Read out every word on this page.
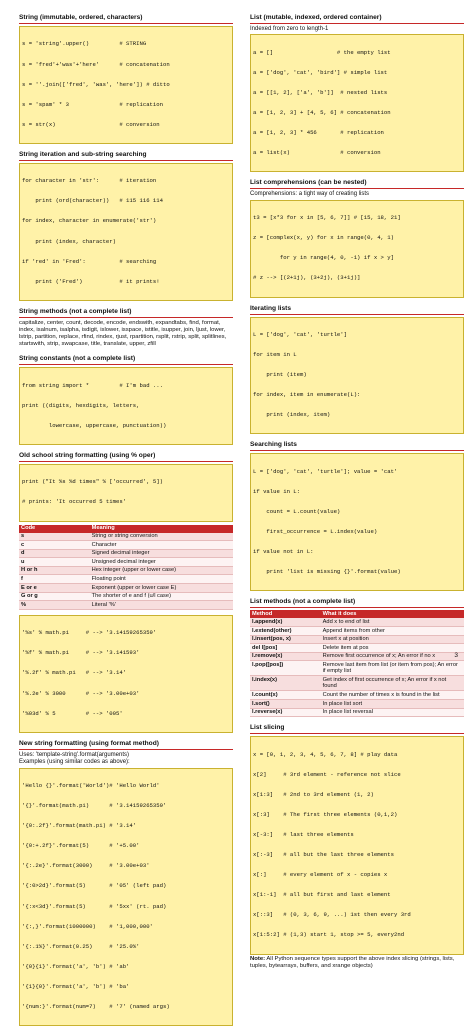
String (immutable, ordered, characters)

s = 'string'.upper()         # STRING

s = 'fred'+'was'+'here'      # concatenation

s = ''.join(['fred', 'was', 'here']) # ditto

s = 'spam' * 3               # replication

s = str(x)                   # conversion

String iteration and sub-string searching

for character in 'str':      # iteration

print (ord(character))   # 115 116 114

for index, character in enumerate('str')

print (index, character)

if 'red' in 'Fred':          # searching

print ('Fred')           # it prints!

String methods (not a complete list)
capitalize, center, count, decode, encode, endswith, expandtabs, find, format, index, isalnum, isalpha, isdigit, islower, isspace, istitle, isupper, join, ljust, lower, lstrip, partition, replace, rfind, rindex, rjust, rpartition, rsplit, rstrip, split, splitlines, startswith, strip, swapcase, title, translate, upper, zfill
String constants (not a complete list)

from string import *         # I'm bad ...

print ((digits, hexdigits, letters,

lowercase, uppercase, punctuation))

Old school string formatting (using % oper)

print ("It %s %d times" % ['occurred', 5])

# prints: 'It occurred 5 times'

Code	Meaning
s	String or string conversion
c	Character
d	Signed decimal integer
u	Unsigned decimal integer
H or h	Hex integer (upper or lower case)
f	Floating point
E or e	Exponent (upper or lower case E)
G or g	The shorter of e and f (u/l case)
%	Literal '%'

'%s' % math.pi     # --> '3.14159265359'

'%f' % math.pi     # --> '3.141593'

'%.2f' % math.pi   # --> '3.14'

'%.2e' % 3000      # --> '3.00e+03'

'%03d' % 5         # --> '005'

New string formatting (using format method)
Uses: 'template-string'.format(arguments)
Examples (using similar codes as above):

'Hello {}'.format('World')# 'Hello World'

'{}'.format(math.pi)      # '3.14159265359'

'{0:.2f}'.format(math.pi) # '3.14'

'{0:+.2f}'.format(5)      # '+5.00'

'{:.2e}'.format(3000)     # '3.00e+03'

'{:0>2d}'.format(5)       # '05' (left pad)

'{:x<3d}'.format(5)       # '5xx' (rt. pad)

'{:,}'.format(1000000)    # '1,000,000'

'{:.1%}'.format(0.25)     # '25.0%'

'{0}{1}'.format('a', 'b') # 'ab'

'{1}{0}'.format('a', 'b') # 'ba'

'{num:}'.format(num=7)    # '7' (named args)

List (mutable, indexed, ordered container)
Indexed from zero to length-1

a = []                   # the empty list

a = ['dog', 'cat', 'bird'] # simple list

a = [[1, 2], ['a', 'b']]  # nested lists

a = [1, 2, 3] + [4, 5, 6] # concatenation

a = [1, 2, 3] * 456       # replication

a = list(x)               # conversion

List comprehensions (can be nested)
Comprehensions: a tight way of creating lists

t3 = [x*3 for x in [5, 6, 7]] # [15, 18, 21]

z = [complex(x, y) for x in range(0, 4, 1)

for y in range(4, 0, -1) if x > y]

# z --> [(2+1j), (3+2j), (3+1j)]

Iterating lists

L = ['dog', 'cat', 'turtle']

for item in L

print (item)

for index, item in enumerate(L):

print (index, item)

Searching lists

L = ['dog', 'cat', 'turtle']; value = 'cat'

if value in L:

count = L.count(value)

first_occurrence = L.index(value)

if value not in L:

print 'list is missing {}'.format(value)

List methods (not a complete list)
Method	What it does
l.append(x)	Add x to end of list
l.extend(other)	Append items from other
l.insert(pos, x)	Insert x at position
del l[pos]	Delete item at pos
l.remove(x)	Remove first occurrence of x; An error if no x
l.pop([pos])	Remove last item from list (or item from pos); An error if empty list
l.index(x)	Get index of first occurrence of x; An error if x not found
l.count(x)	Count the number of times x is found in the list
l.sort()	In place list sort
l.reverse(x)	In place list reversal
List slicing

x = [0, 1, 2, 3, 4, 5, 6, 7, 8] # play data

x[2]     # 3rd element - reference not slice

x[1:3]   # 2nd to 3rd element (1, 2)

x[:3]    # The first three elements (0,1,2)

x[-3:]   # last three elements

x[:-3]   # all but the last three elements

x[:]     # every element of x - copies x

x[1:-1]  # all but first and last element

x[::3]   # (0, 3, 6, 9, ...) 1st then every 3rd

x[1:5:2] # (1,3) start 1, stop >= 5, every2nd

Note: All Python sequence types support the above index slicing (strings, lists, tuples, bytearrays, buffers, and xrange objects)
3
